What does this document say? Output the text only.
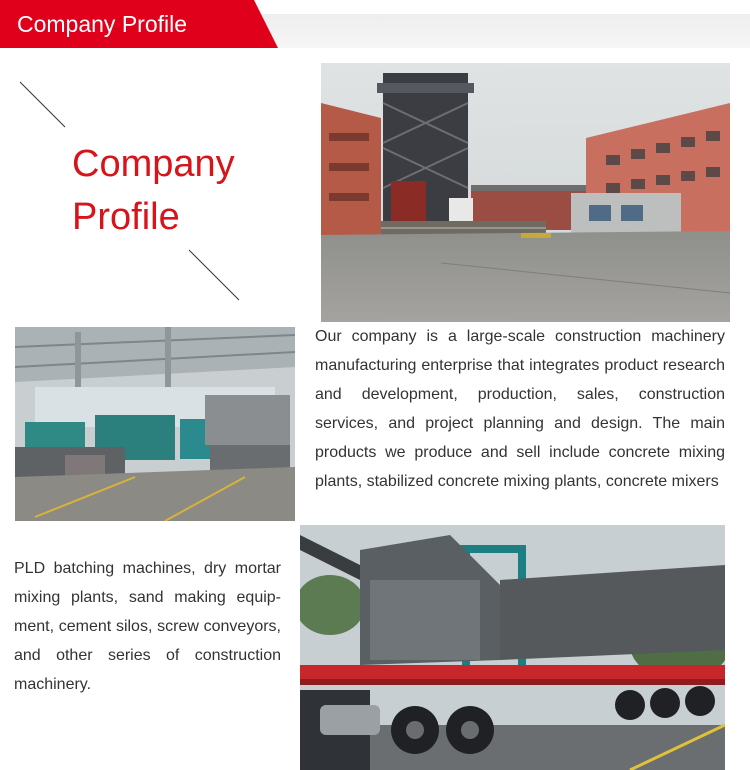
Company Profile
Company Profile

Our company is a large-scale construction machinery manufacturing enterprise that integrates product research and development, production, sales, construction services, and project planning and design. The main products we produce and sell include concrete mixing plants, stabilized concrete mixing plants, concrete mixers

PLD batching machines, dry mortar mixing plants, sand making equipment, cement silos, screw conveyors, and other series of construction machinery.
